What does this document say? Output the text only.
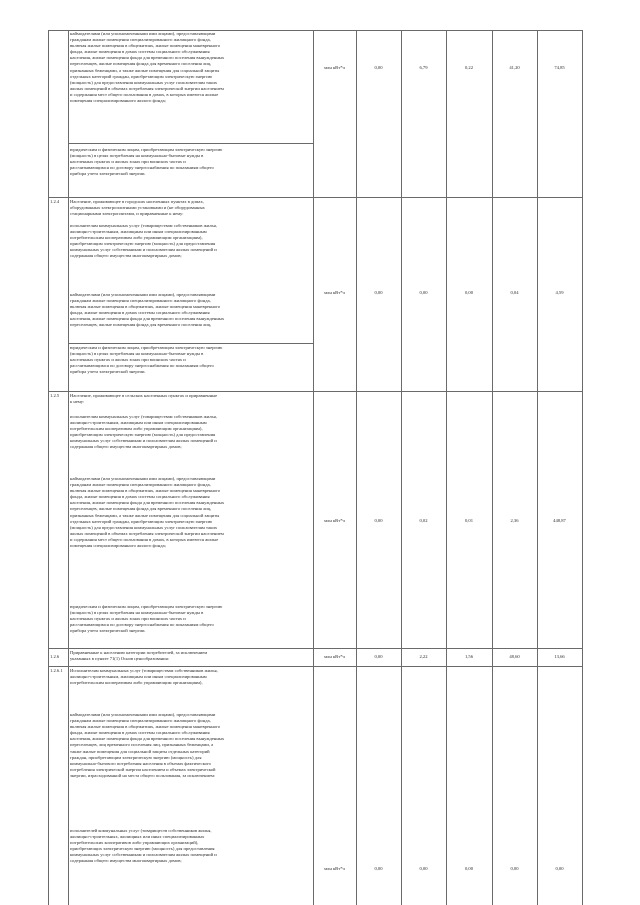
наймодателями (или уполномоченными ими лицами), предоставляющими
гражданам жилые помещения специализированного жилищного фонда,
включая жилые помещения в общежитиях, жилые помещения маневренного
фонда, жилые помещения в домах системы социального обслуживания
населения, жилые помещения фонда для временного поселения вынужденных
переселенцев, жилые помещения фонда для временного поселения лиц,
признанных беженцами, а также жилые помещения для социальной защиты
отдельных категорий граждан, приобретающим электрическую энергию
(мощность) для предоставления коммунальных услуг пользователям таких
жилых помещений в объемах потребления электрической энергии населением
и содержания мест общего пользования в домах, в которых имеются жилые
помещения специализированного жилого фонда;
юридическим и физическим лицам, приобретающим электрическую энергию
(мощность) в целях потребления на коммунально-бытовые нужды в
населенных пунктах и жилых зонах при воинских частях и
рассчитывающимся по договору энергоснабжения по показаниям общего
прибора учета электрической энергии.
млн кВт*ч	0,00	6,79	0,22	41,20	74,85
1.2.4 Население, проживающее в городских населенных пунктах в домах,
оборудованных электроплитными установками и (не оборудованных
стационарными электроплитами, и приравненные к нему:
исполнителям коммунальных услуг (товариществам собственников жилья,
жилищно-строительным, жилищным или иным специализированным
потребительским кооперативам либо управляющим организациям),
приобретающим электрическую энергию (мощность) для предоставления
коммунальных услуг собственникам и пользователям жилых помещений и
содержания общего имущества многоквартирных домов;
наймодателями (или уполномоченными ими лицами), предоставляющими
гражданам жилые помещения специализированного жилищного фонда,
включая жилые помещения в общежитиях, жилые помещения маневренного
фонда, жилые помещения в домах системы социального обслуживания
населения, жилые помещения фонда для временного поселения вынужденных
переселенцев, жилые помещения фонда для временного поселения лиц,
юридическим и физическим лицам, приобретающим электрическую энергию
(мощность) в целях потребления на коммунально-бытовые нужды в
населенных пунктах и жилых зонах при воинских частях и
рассчитывающимся по договору энергоснабжения по показаниям общего
прибора учета электрической энергии.
млн кВт*ч	0,00	0,00	0,00	0,04	4,59
1.2.5 Население, проживающее в сельских населенных пунктах и приравненные
к нему:
исполнителям коммунальных услуг (товариществам собственников жилья,
жилищно-строительным, жилищным или иным специализированным
потребительским кооперативам либо управляющим организациям),
приобретающим электрическую энергию (мощность) для предоставления
коммунальных услуг собственникам и пользователям жилых помещений и
содержания общего имущества многоквартирных домов;
наймодателями (или уполномоченными ими лицами), предоставляющими
гражданам жилые помещения специализированного жилищного фонда,
включая жилые помещения в общежитиях, жилые помещения маневренного
фонда, жилые помещения в домах системы социального обслуживания
населения, жилые помещения фонда для временного поселения вынужденных
переселенцев, жилые помещения фонда для временного поселения лиц,
признанных беженцами, а также жилые помещения для социальной защиты
отдельных категорий граждан, приобретающим электрическую энергию
(мощность) для предоставления коммунальных услуг пользователям таких
жилых помещений в объемах потребления электрической энергии населением
и содержания мест общего пользования в домах, в которых имеются жилые
помещения специализированного жилого фонда;
юридическим и физическим лицам, приобретающим электрическую энергию
(мощность) в целях потребления на коммунально-бытовые нужды в
населенных пунктах и жилых зонах при воинских частях и
рассчитывающимся по договору энергоснабжения по показаниям общего
прибора учета электрической энергии.
млн кВт*ч	0,00	0,02	0,01	2,36	448,87
1.2.6
Приравненные к населению категории потребителей, за исключением
указанных в пункте 71(1) Основ ценообразования:	млн кВт*ч	0,00	2,22	1,56	48,60	13,66
1.2.6.1 Исполнителям коммунальных услуг (товариществам собственников жилья,
жилищно-строительным, жилищным или иным специализированным
потребительским кооперативам либо управляющим организациям),
наймодателями (или уполномоченными ими лицами), предоставляющими
гражданам жилые помещения специализированного жилищного фонда,
включая жилые помещения в общежитиях, жилые помещения маневренного
фонда, жилые помещения в домах системы социального обслуживания
населения, жилые помещения фонда для временного поселения вынужденных
переселенцев, лиц временного поселения лиц, признанных беженцами, а
также жилые помещения для социальной защиты отдельных категорий
граждан, приобретающим электрическую энергию (мощность) для
коммунально-бытового потребления населения в объемах фактического
потребления электрической энергии населением и объемах электрической
энергии, израсходованной на места общего пользования, за исключением:
исполнителей коммунальных услуг (товариществ собственников жилья,
жилищно-строительных, жилищных или иных специализированных
потребительских кооперативов либо управляющих организаций),
приобретающих электрическую энергию (мощность) для предоставления
коммунальных услуг собственникам и пользователям жилых помещений и
содержания общего имущества многоквартирных домов;
млн кВт*ч	0,00	0,00	0,00	0,00	0,00
